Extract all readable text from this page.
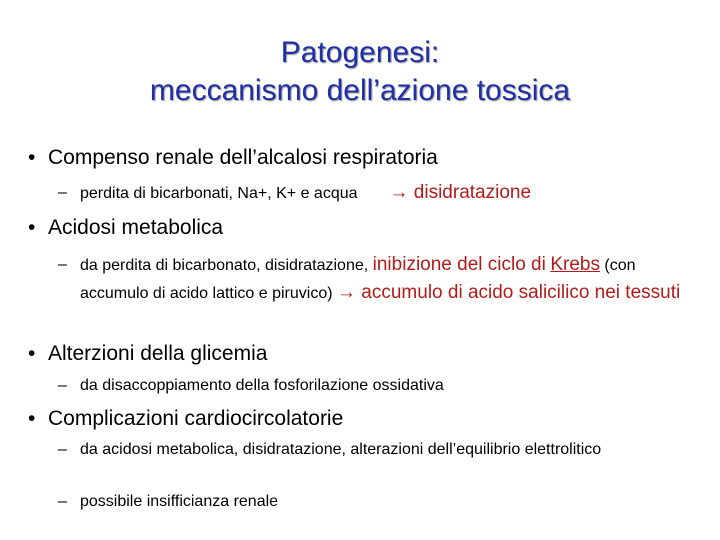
Patogenesi:
meccanismo dell’azione tossica
• Compenso renale dell’alcalosi respiratoria
– perdita di bicarbonati, Na+, K+ e acqua → disidratazione
• Acidosi metabolica
– da perdita di bicarbonato, disidratazione, inibizione del ciclo di Krebs (con accumulo di acido lattico e piruvico) → accumulo di acido salicilico nei tessuti
• Alterzioni della glicemia
– da disaccoppiamento della fosforilazione ossidativa
• Complicazioni cardiocircolatorie
– da acidosi metabolica, disidratazione, alterazioni dell’equilibrio elettrolitico
– possibile insifficianza renale
